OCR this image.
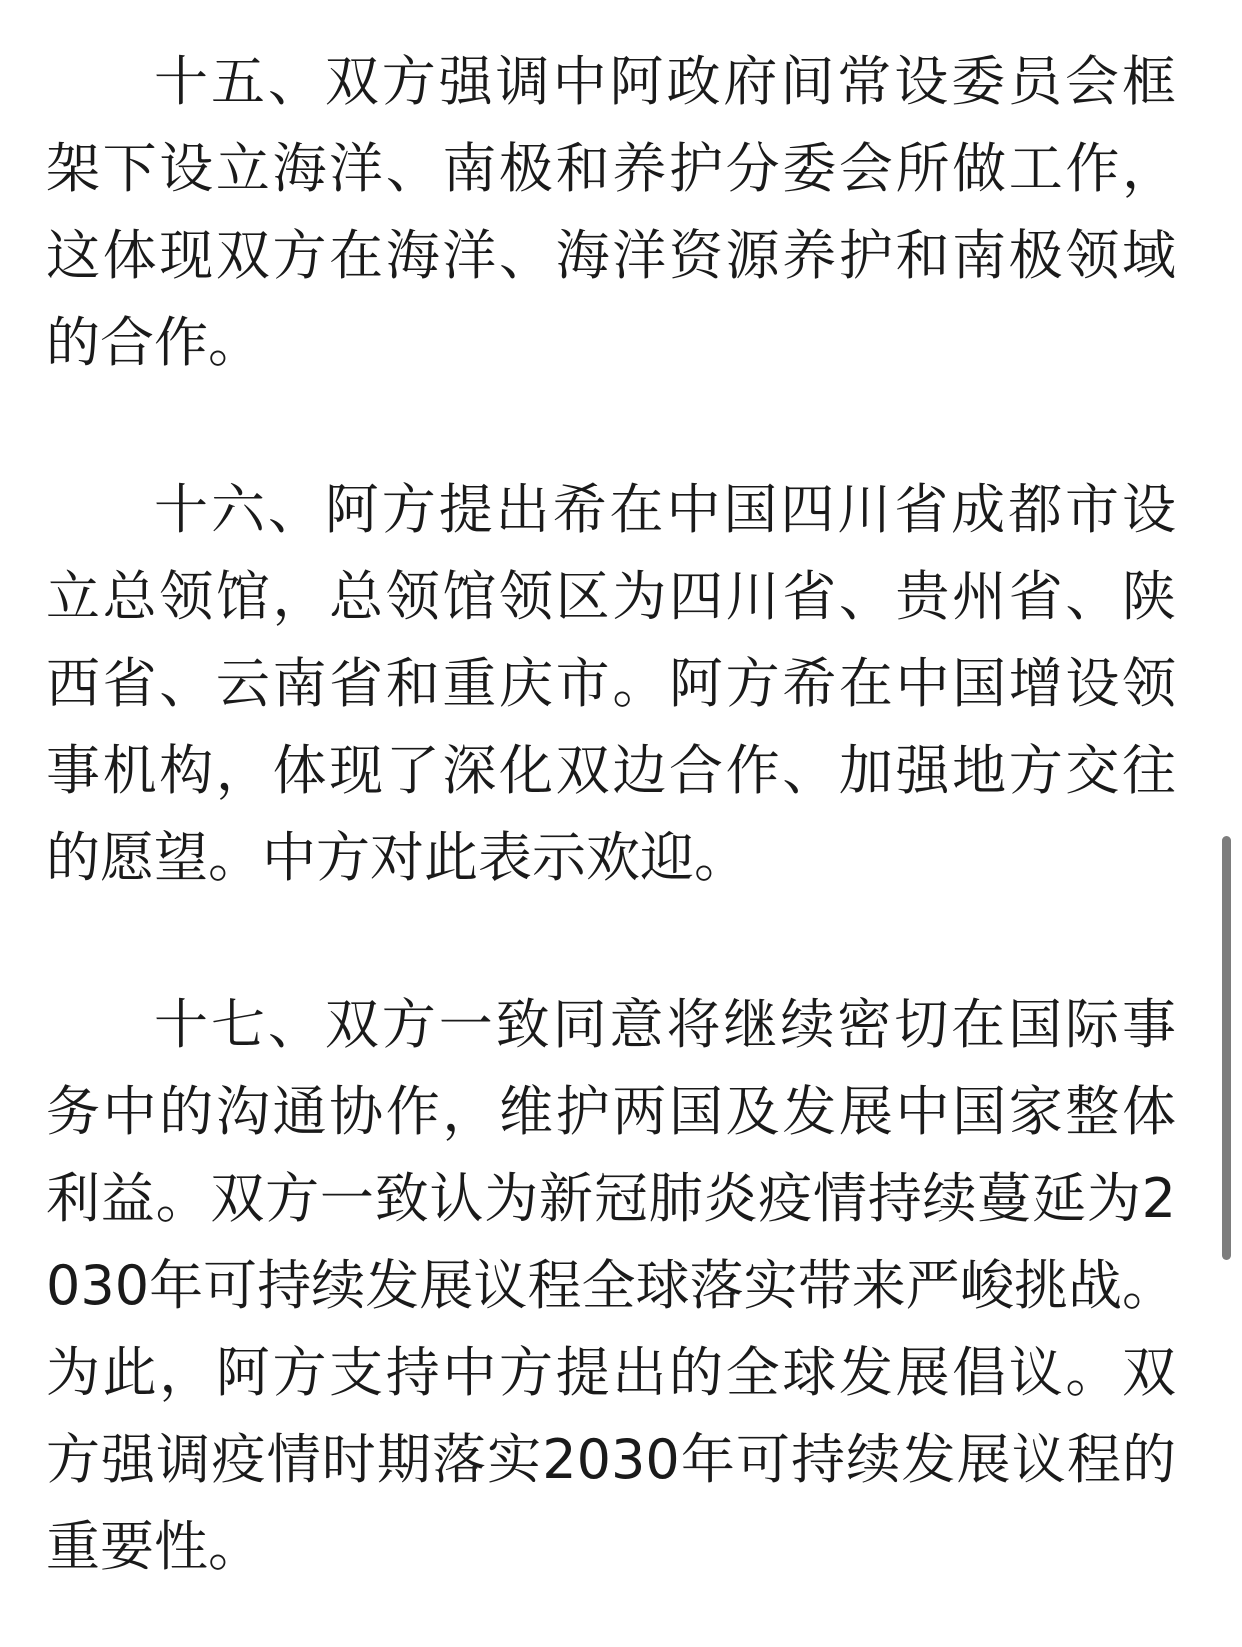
十五、双方强调中阿政府间常设委员会框架下设立海洋、南极和养护分委会所做工作，这体现双方在海洋、海洋资源养护和南极领域的合作。

十六、阿方提出希在中国四川省成都市设立总领馆，总领馆领区为四川省、贵州省、陕西省、云南省和重庆市。阿方希在中国增设领事机构，体现了深化双边合作、加强地方交往的愿望。中方对此表示欢迎。

十七、双方一致同意将继续密切在国际事务中的沟通协作，维护两国及发展中国家整体利益。双方一致认为新冠肺炎疫情持续蔓延为2030年可持续发展议程全球落实带来严峻挑战。为此，阿方支持中方提出的全球发展倡议。双方强调疫情时期落实2030年可持续发展议程的重要性。
